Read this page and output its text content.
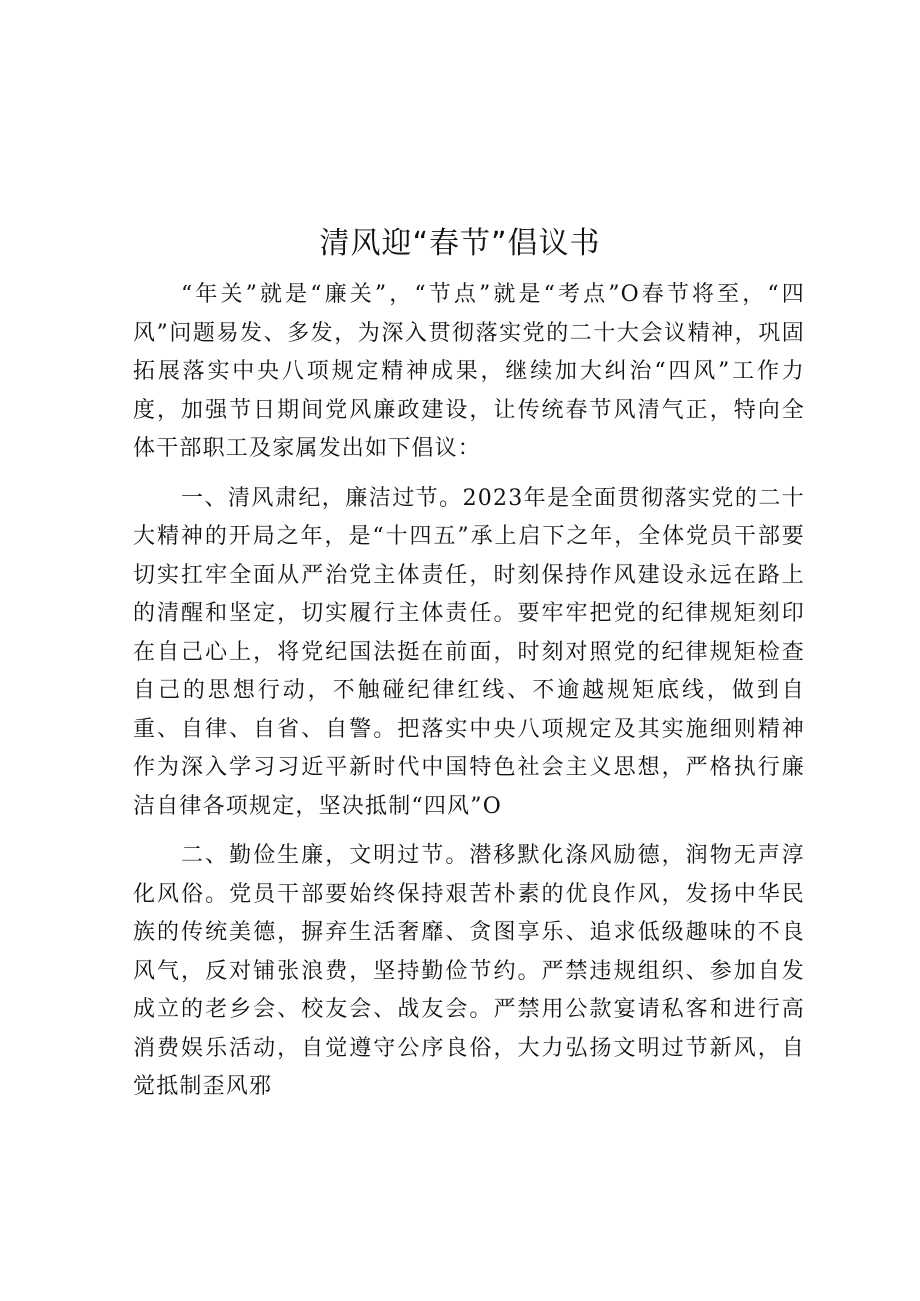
清风迎“春节”倡议书

“年关”就是“廉关”，“节点”就是“考点”O春节将至，“四风”问题易发、多发，为深入贯彻落实党的二十大会议精神，巩固拓展落实中央八项规定精神成果，继续加大纠治“四风”工作力度，加强节日期间党风廉政建设，让传统春节风清气正，特向全体干部职工及家属发出如下倡议：

一、清风肃纪，廉洁过节。2023年是全面贯彻落实党的二十大精神的开局之年，是“十四五”承上启下之年，全体党员干部要切实扛牢全面从严治党主体责任，时刻保持作风建设永远在路上的清醒和坚定，切实履行主体责任。要牢牢把党的纪律规矩刻印在自己心上，将党纪国法挺在前面，时刻对照党的纪律规矩检查自己的思想行动，不触碰纪律红线、不逾越规矩底线，做到自重、自律、自省、自警。把落实中央八项规定及其实施细则精神作为深入学习习近平新时代中国特色社会主义思想，严格执行廉洁自律各项规定，坚决抵制“四风”O

二、勤俭生廉，文明过节。潜移默化涤风励德，润物无声淳化风俗。党员干部要始终保持艰苦朴素的优良作风，发扬中华民族的传统美德，摒弃生活奢靡、贪图享乐、追求低级趣味的不良风气，反对铺张浪费，坚持勤俭节约。严禁违规组织、参加自发成立的老乡会、校友会、战友会。严禁用公款宴请私客和进行高消费娱乐活动，自觉遵守公序良俗，大力弘扬文明过节新风，自觉抵制歪风邪
